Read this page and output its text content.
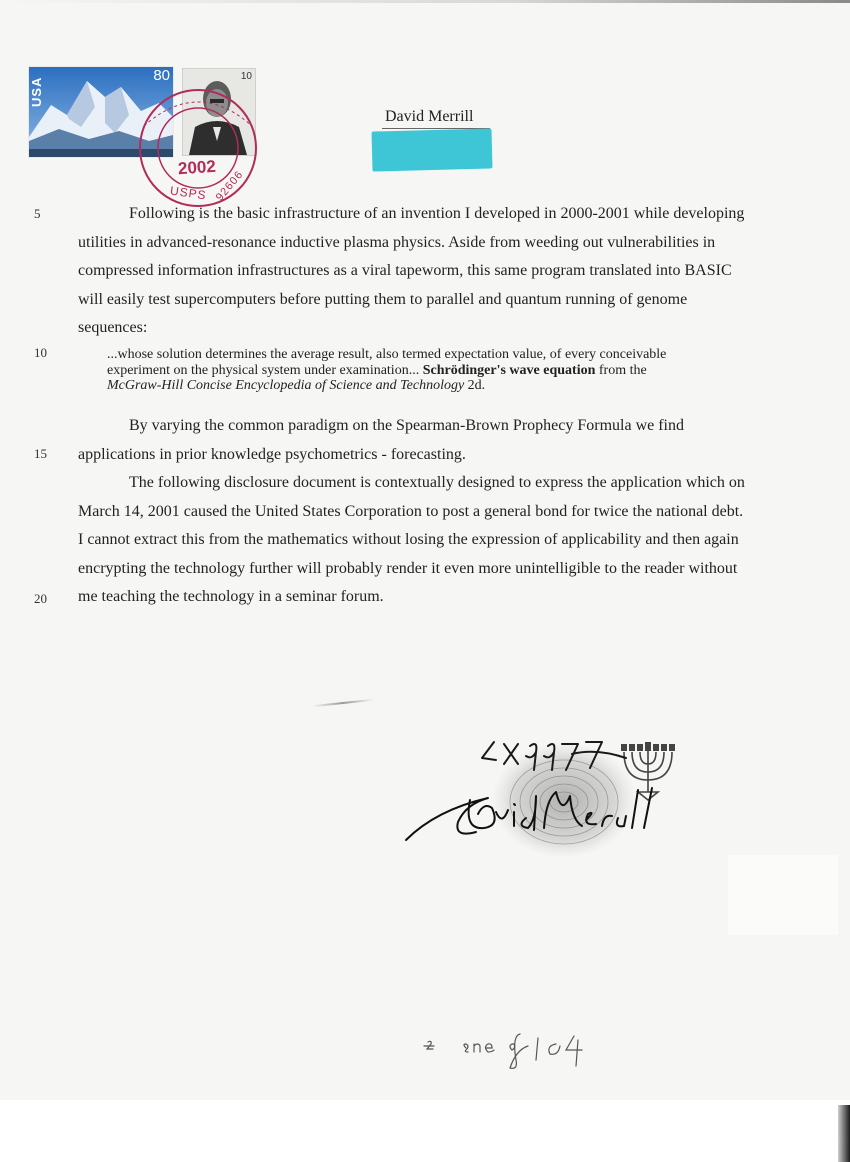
80
USA
10
2002
USPS 92606
David Merrill
5
10
15
20
Following is the basic infrastructure of an invention I developed in 2000-2001 while developing
utilities in advanced-resonance inductive plasma physics. Aside from weeding out vulnerabilities in
compressed information infrastructures as a viral tapeworm, this same program translated into BASIC
will easily test supercomputers before putting them to parallel and quantum running of genome
sequences:
...whose solution determines the average result, also termed expectation value, of every conceivable
experiment on the physical system under examination... Schrödinger's wave equation from the
McGraw-Hill Concise Encyclopedia of Science and Technology 2d.
By varying the common paradigm on the Spearman-Brown Prophecy Formula we find
applications in prior knowledge psychometrics - forecasting.
The following disclosure document is contextually designed to express the application which on
March 14, 2001 caused the United States Corporation to post a general bond for twice the national debt.
I cannot extract this from the mathematics without losing the expression of applicability and then again
encrypting the technology further will probably render it even more unintelligible to the reader without
me teaching the technology in a seminar forum.
